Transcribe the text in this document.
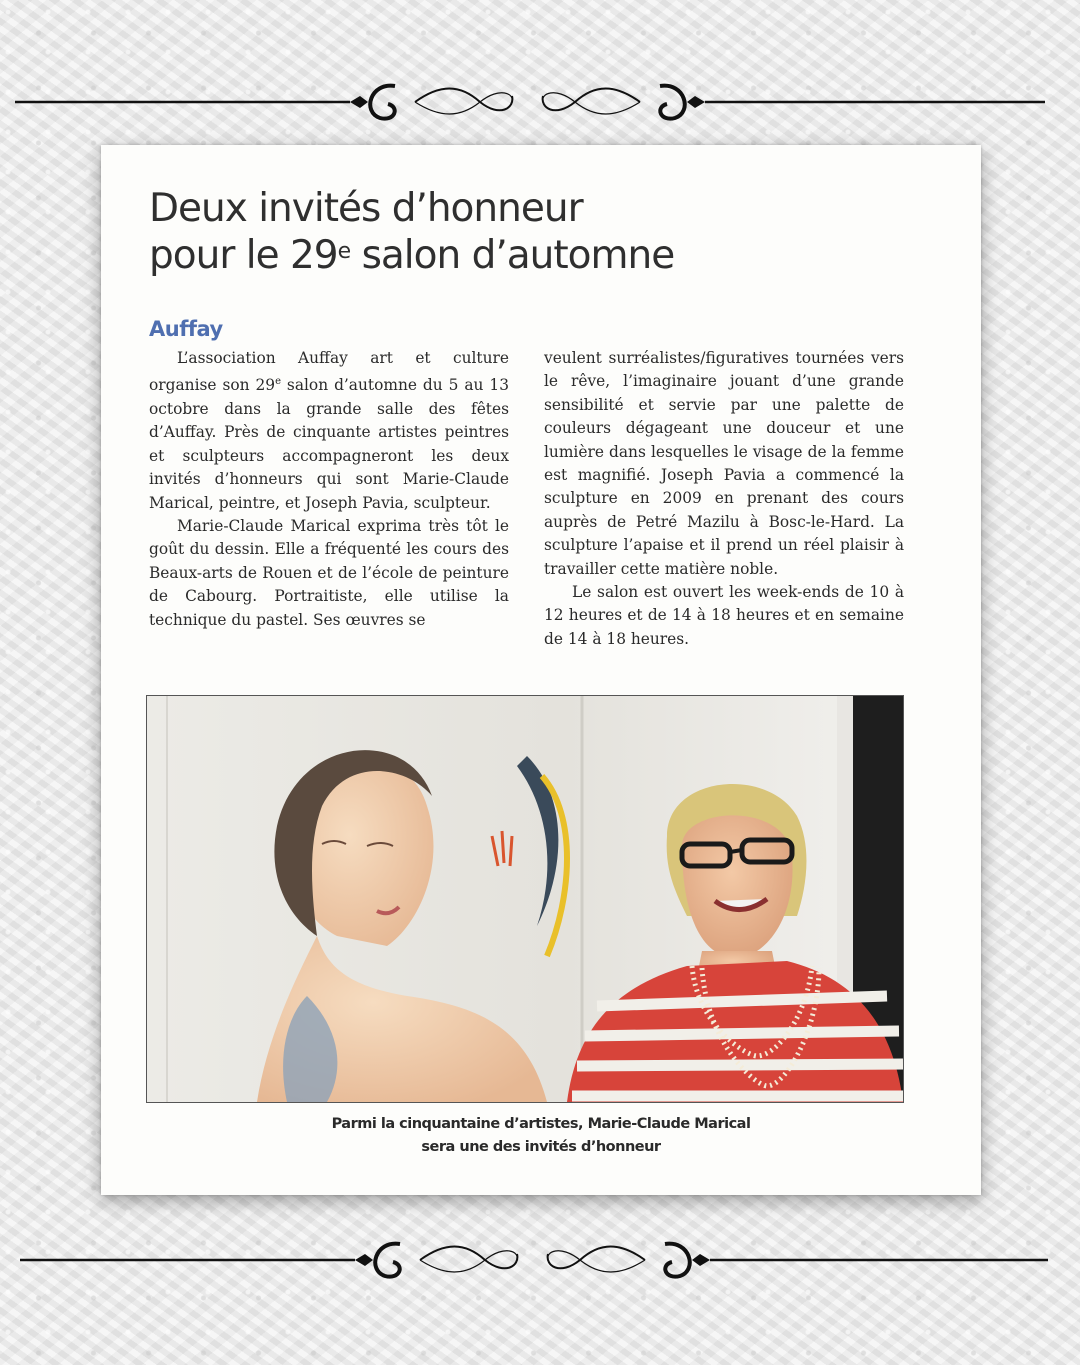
Deux invités d’honneur
pour le 29e salon d’automne
Auffay

L’association Auffay art et culture organise son 29e salon d’automne du 5 au 13 octobre dans la grande salle des fêtes d’Auffay. Près de cinquante artistes peintres et sculpteurs accompagneront les deux invités d’honneurs qui sont Marie-Claude Marical, peintre, et Joseph Pavia, sculpteur.

Marie-Claude Marical exprima très tôt le goût du dessin. Elle a fréquenté les cours des Beaux-arts de Rouen et de l’école de peinture de Cabourg. Portraitiste, elle utilise la technique du pastel. Ses œuvres se

veulent surréalistes/figuratives tournées vers le rêve, l’imaginaire jouant d’une grande sensibilité et servie par une palette de couleurs dégageant une douceur et une lumière dans lesquelles le visage de la femme est magnifié. Joseph Pavia a commencé la sculpture en 2009 en prenant des cours auprès de Petré Mazilu à Bosc-le-Hard. La sculpture l’apaise et il prend un réel plaisir à travailler cette matière noble.

Le salon est ouvert les week-ends de 10 à 12 heures et de 14 à 18 heures et en semaine de 14 à 18 heures.

Parmi la cinquantaine d’artistes, Marie-Claude Marical
sera une des invités d’honneur
